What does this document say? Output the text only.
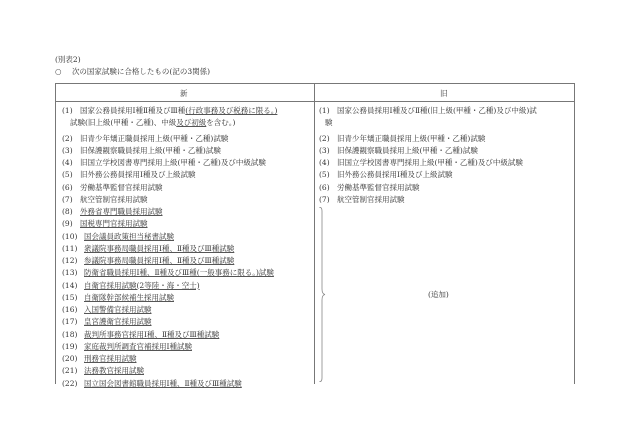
(別表2)
○ 次の国家試験に合格したもの(記の3関係)
新	旧
(1) 国家公務員採用Ⅰ種Ⅱ種及びⅢ種(行政事務及び税務に限る。)
試験(旧上級(甲種・乙種)、中級及び初級を含む。)
(1) 国家公務員採用Ⅰ種及びⅡ種(旧上級(甲種・乙種)及び中級)試
験
(2) 旧青少年矯正職員採用上級(甲種・乙種)試験
(3) 旧保護観察職員採用上級(甲種・乙種)試験
(4) 旧国立学校図書専門採用上級(甲種・乙種)及び中級試験
(5) 旧外務公務員採用Ⅰ種及び上級試験
(6) 労働基準監督官採用試験
(7) 航空管制官採用試験
(8) 外務省専門職員採用試験
(9) 国税専門官採用試験
(10) 国会議員政策担当秘書試験
(11) 衆議院事務局職員採用Ⅰ種、Ⅱ種及びⅢ種試験
(12) 参議院事務局職員採用Ⅰ種、Ⅱ種及びⅢ種試験
(13) 防衛省職員採用Ⅰ種、Ⅱ種及びⅢ種(一般事務に限る。)試験
(14) 自衛官採用試験(2等陸・海・空士)
(15) 自衛隊幹部候補生採用試験
(16) 入国警備官採用試験
(17) 皇宮護衛官採用試験
(18) 裁判所事務官採用Ⅰ種、Ⅱ種及びⅢ種試験
(19) 家庭裁判所調査官補採用Ⅰ種試験
(20) 刑務官採用試験
(21) 法務教官採用試験
(22) 国立国会図書館職員採用Ⅰ種、Ⅱ種及びⅢ種試験
(2) 旧青少年矯正職員採用上級(甲種・乙種)試験
(3) 旧保護観察職員採用上級(甲種・乙種)試験
(4) 旧国立学校図書専門採用上級(甲種・乙種)及び中級試験
(5) 旧外務公務員採用Ⅰ種及び上級試験
(6) 労働基準監督官採用試験
(7) 航空管制官採用試験
(追加)
